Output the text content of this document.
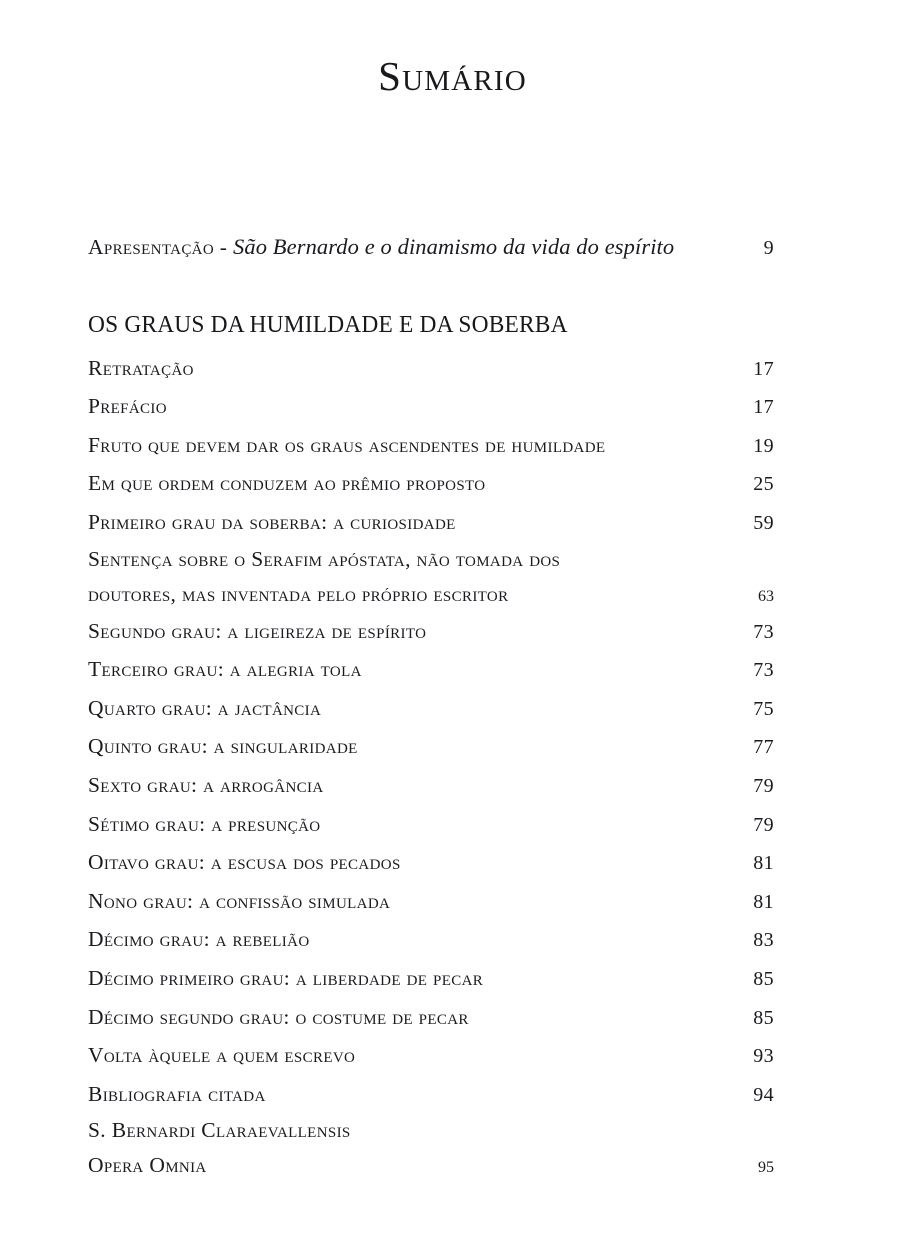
Sumário
Apresentação - São Bernardo e o dinamismo da vida do espírito	9
OS GRAUS DA HUMILDADE E DA SOBERBA
Retratação	17
Prefácio	17
Fruto que devem dar os graus ascendentes de humildade	19
Em que ordem conduzem ao prêmio proposto	25
Primeiro grau da soberba: a curiosidade	59
Sentença sobre o Serafim apóstata, não tomada dos
doutores, mas inventada pelo próprio escritor	63
Segundo grau: a ligeireza de espírito	73
Terceiro grau: a alegria tola	73
Quarto grau: a jactância	75
Quinto grau: a singularidade	77
Sexto grau: a arrogância	79
Sétimo grau: a presunção	79
Oitavo grau: a escusa dos pecados	81
Nono grau: a confissão simulada	81
Décimo grau: a rebelião	83
Décimo primeiro grau: a liberdade de pecar	85
Décimo segundo grau: o costume de pecar	85
Volta àquele a quem escrevo	93
Bibliografia citada	94
S. Bernardi Claraevallensis
Opera Omnia	95
